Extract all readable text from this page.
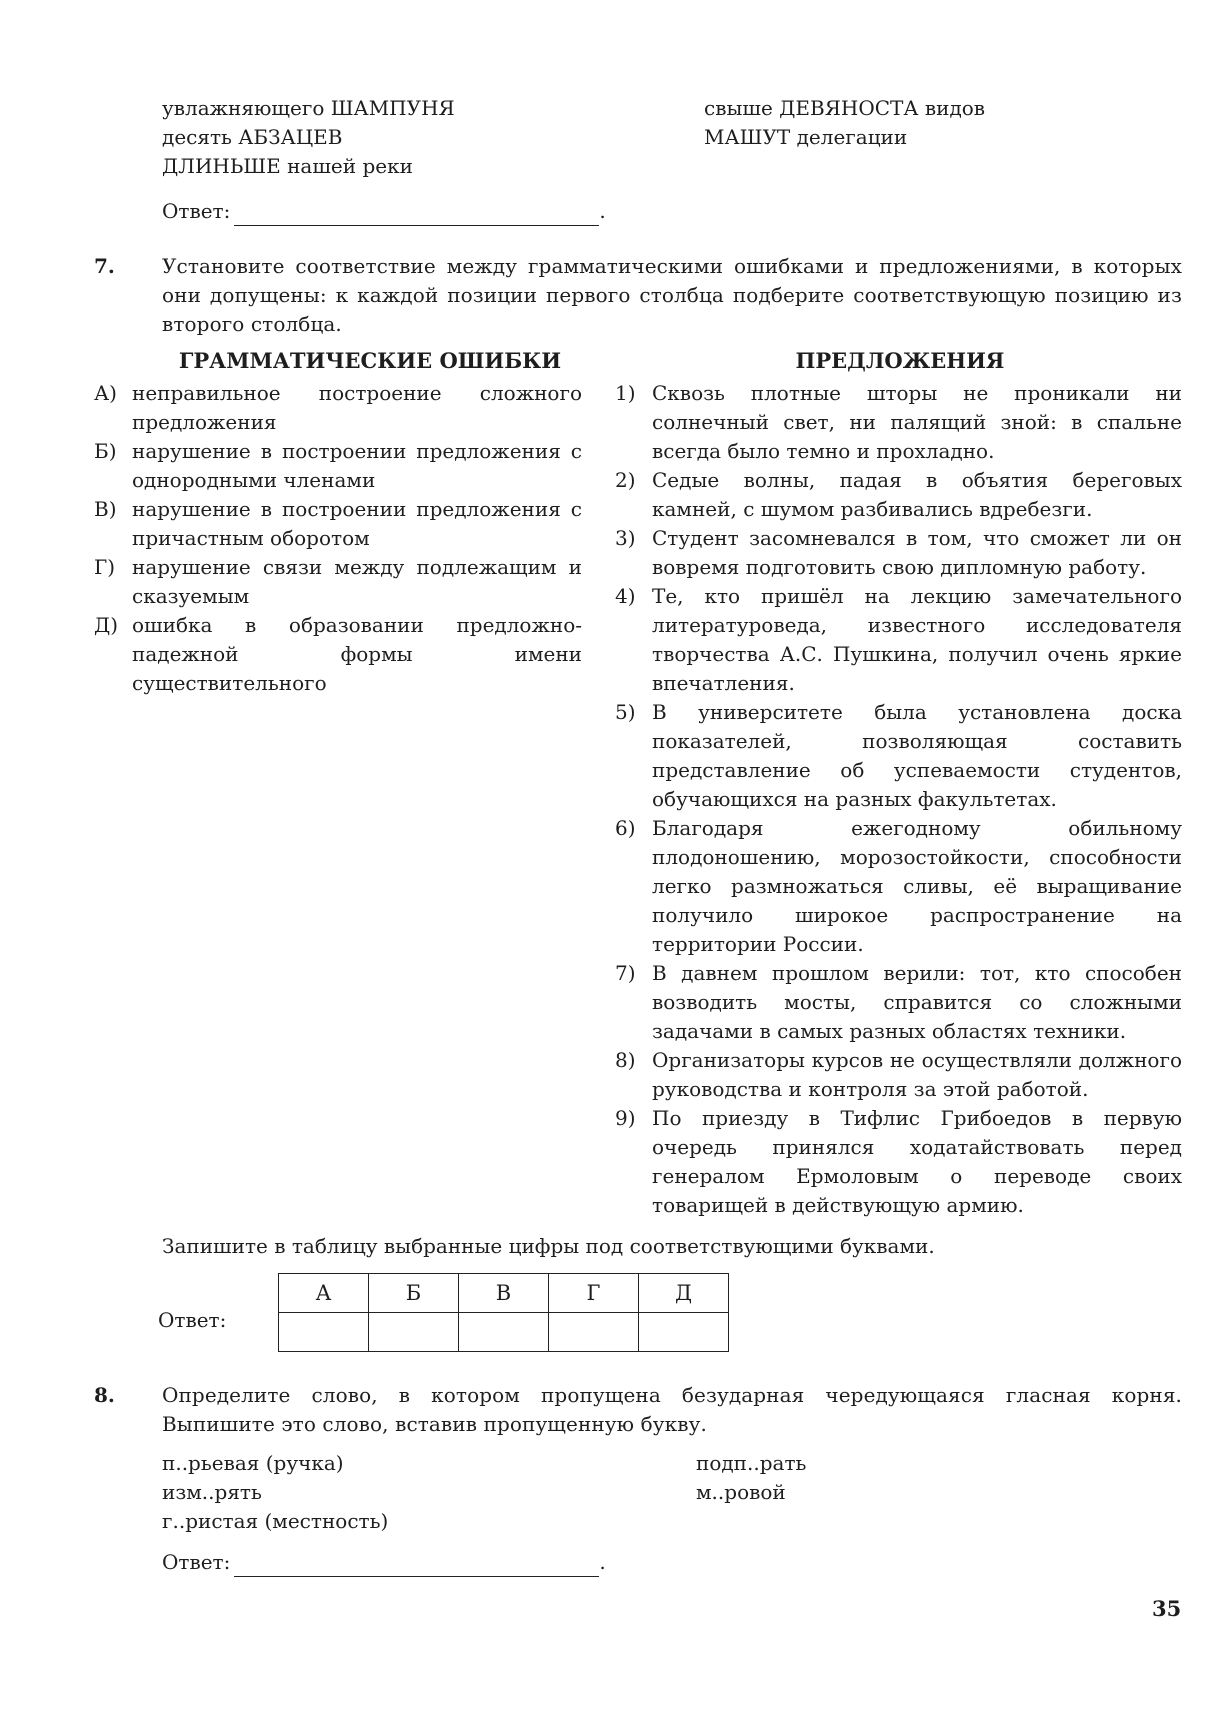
увлажняющего ШАМПУНЯ
десять АБЗАЦЕВ
ДЛИНЬШЕ нашей реки
свыше ДЕВЯНОСТА видов
МАШУТ делегации
Ответ:	.
7. Установите соответствие между грамматическими ошибками и предложениями, в которых они допущены: к каждой позиции первого столбца подберите соответствующую позицию из второго столбца.
ГРАММАТИЧЕСКИЕ ОШИБКИ	ПРЕДЛОЖЕНИЯ
А) неправильное построение сложного предложения
Б) нарушение в построении предложения с однородными членами
В) нарушение в построении предложения с причастным оборотом
Г) нарушение связи между подлежащим и сказуемым
Д) ошибка в образовании предложно-падежной формы имени существительного
1) Сквозь плотные шторы не проникали ни солнечный свет, ни палящий зной: в спальне всегда было темно и прохладно.
2) Седые волны, падая в объятия береговых камней, с шумом разбивались вдребезги.
3) Студент засомневался в том, что сможет ли он вовремя подготовить свою дипломную работу.
4) Те, кто пришёл на лекцию замечательного литературоведа, известного исследователя творчества А.С. Пушкина, получил очень яркие впечатления.
5) В университете была установлена доска показателей, позволяющая составить представление об успеваемости студентов, обучающихся на разных факультетах.
6) Благодаря ежегодному обильному плодоношению, морозостойкости, способности легко размножаться сливы, её выращивание получило широкое распространение на территории России.
7) В давнем прошлом верили: тот, кто способен возводить мосты, справится со сложными задачами в самых разных областях техники.
8) Организаторы курсов не осуществляли должного руководства и контроля за этой работой.
9) По приезду в Тифлис Грибоедов в первую очередь принялся ходатайствовать перед генералом Ермоловым о переводе своих товарищей в действующую армию.
Запишите в таблицу выбранные цифры под соответствующими буквами.
Ответ:
А	Б	В	Г	Д

8. Определите слово, в котором пропущена безударная чередующаяся гласная корня. Выпишите это слово, вставив пропущенную букву.
п..рьевая (ручка)
изм..рять
г..ристая (местность)
подп..рать
м..ровой
Ответ:	.
35
